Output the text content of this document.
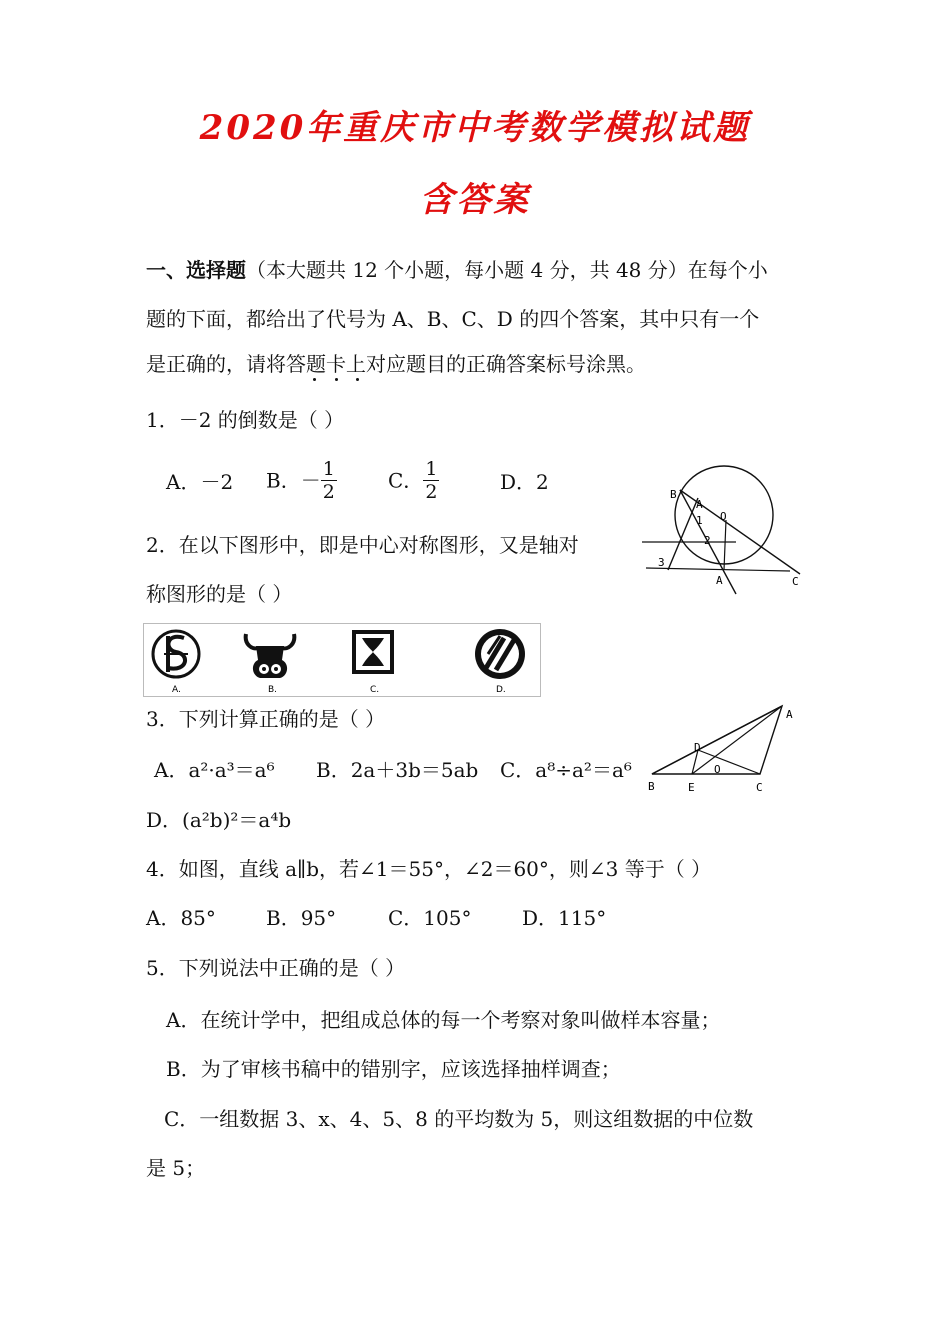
2020年重庆市中考数学模拟试题
含答案
一、选择题（本大题共 12 个小题，每小题 4 分，共 48 分）在每个小
题的下面，都给出了代号为 A、B、C、D 的四个答案，其中只有一个
是正确的，请将答题卡上对应题目的正确答案标号涂黑。
1．－2 的倒数是（ ）
A．－2 B．－ $\frac{1}{2}$	C． $\frac{1}{2}$	D．2
2．在以下图形中，即是中心对称图形，又是轴对
称图形的是（ ）
A.	B.	C.	D.
3．下列计算正确的是（ ）
A．a²·a³＝a⁶ B．2a＋3b＝5ab C．a⁸÷a²＝a⁶
D．(a²b)²＝a⁴b
4．如图，直线 a∥b，若∠1＝55°，∠2＝60°，则∠3 等于（ ）
A．85°	B．95°	C．105°	D．115°
5．下列说法中正确的是（ ）
A．在统计学中，把组成总体的每一个考察对象叫做样本容量；
B．为了审核书稿中的错别字，应该选择抽样调查；
C．一组数据 3、x、4、5、8 的平均数为 5，则这组数据的中位数
是 5；
B
A
1 O
2
3
A	C
A
D
O
B	E	C
